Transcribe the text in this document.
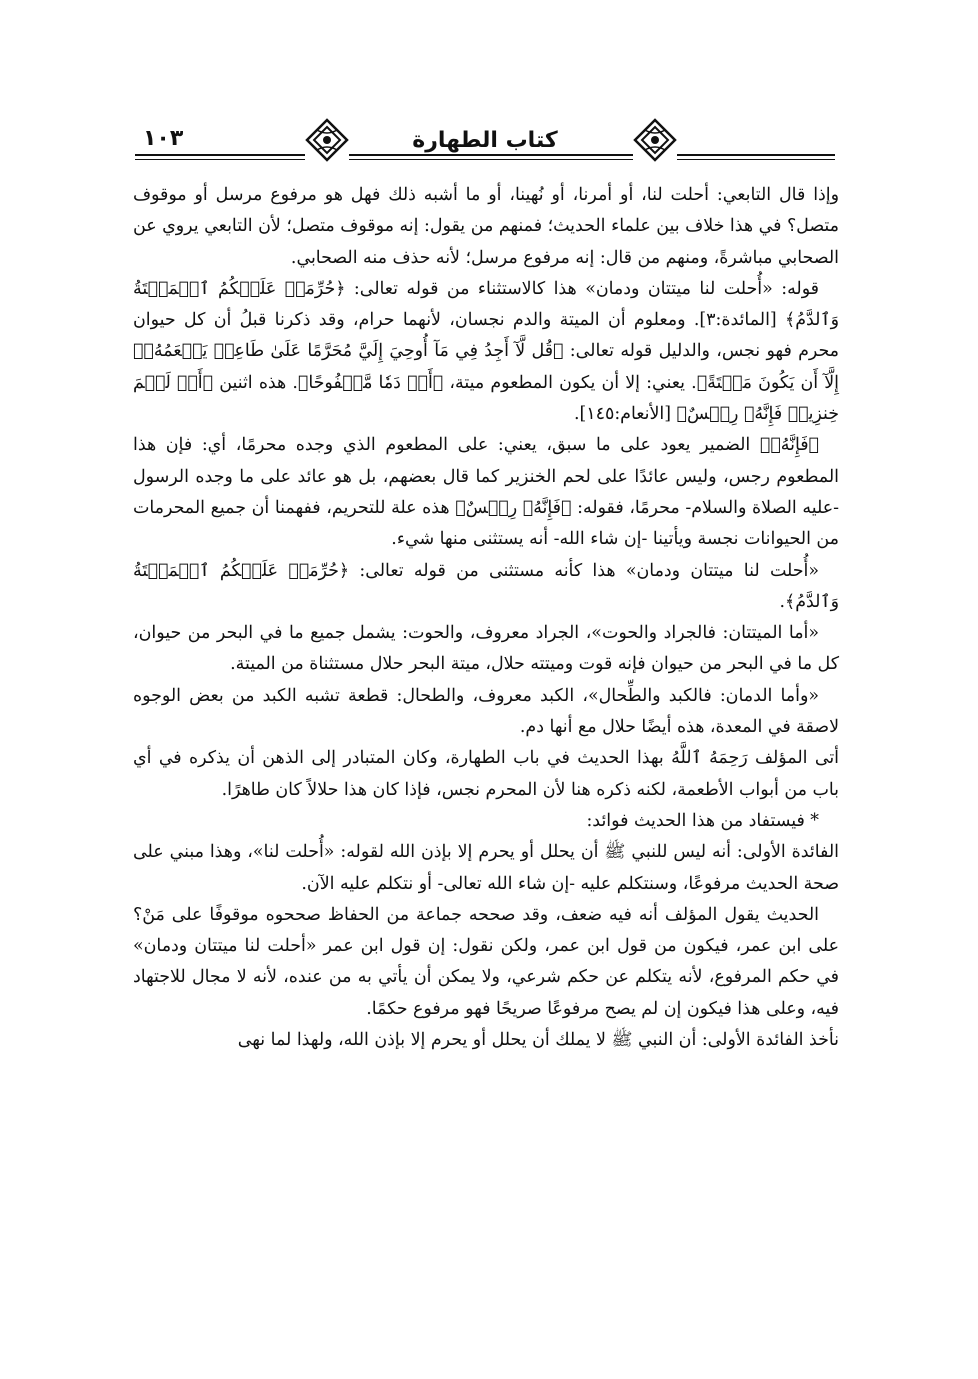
١٠٣	كتاب الطهارة

وإذا قال التابعي: أحلت لنا، أو أمرنا، أو نُهينا، أو ما أشبه ذلك فهل هو مرفوع مرسل أو موقوف متصل؟ في هذا خلاف بين علماء الحديث؛ فمنهم من يقول: إنه موقوف متصل؛ لأن التابعي يروي عن الصحابي مباشرةً، ومنهم من قال: إنه مرفوع مرسل؛ لأنه حذف منه الصحابي.

قوله: «أُحلت لنا ميتتان ودمان» هذا كالاستثناء من قوله تعالى: ﴿حُرِّمَتۡ عَلَيۡكُمُ ٱلۡمَيۡتَةُ وَٱلدَّمُ﴾ [المائدة:٣]. ومعلوم أن الميتة والدم نجسان، لأنهما حرام، وقد ذكرنا قبلُ أن كل حيوان محرم فهو نجس، والدليل قوله تعالى: ﴿قُل لَّآ أَجِدُ فِي مَآ أُوحِيَ إِلَيَّ مُحَرَّمًا عَلَىٰ طَاعِمٖ يَطۡعَمُهُۥٓ إِلَّآ أَن يَكُونَ مَيۡتَةً﴾. يعني: إلا أن يكون المطعوم ميتة، ﴿أَوۡ دَمٗا مَّسۡفُوحًا﴾. هذه اثنين ﴿أَوۡ لَحۡمَ خِنزِيرٖ فَإِنَّهُۥ رِجۡسٌ﴾ [الأنعام:١٤٥].

﴿فَإِنَّهُۥ﴾ الضمير يعود على ما سبق، يعني: على المطعوم الذي وجده محرمًا، أي: فإن هذا المطعوم رجس، وليس عائدًا على لحم الخنزير كما قال بعضهم، بل هو عائد على ما وجده الرسول -عليه الصلاة والسلام- محرمًا، فقوله: ﴿فَإِنَّهُۥ رِجۡسٌ﴾ هذه علة للتحريم، ففهمنا أن جميع المحرمات من الحيوانات نجسة ويأتينا -إن شاء الله- أنه يستثنى منها شيء.

«أُحلت لنا ميتتان ودمان» هذا كأنه مستثنى من قوله تعالى: ﴿حُرِّمَتۡ عَلَيۡكُمُ ٱلۡمَيۡتَةُ وَٱلدَّمُ﴾.

«أما الميتتان: فالجراد والحوت»، الجراد معروف، والحوت: يشمل جميع ما في البحر من حيوان، كل ما في البحر من حيوان فإنه قوت وميتته حلال، ميتة البحر حلال مستثناة من الميتة.

«وأما الدمان: فالكبد والطِّحال»، الكبد معروف، والطحال: قطعة تشبه الكبد من بعض الوجوه لاصقة في المعدة، هذه أيضًا حلال مع أنها دم.

أتى المؤلف رَحِمَهُ ٱللَّهُ بهذا الحديث في باب الطهارة، وكان المتبادر إلى الذهن أن يذكره في أي باب من أبواب الأطعمة، لكنه ذكره هنا لأن المحرم نجس، فإذا كان هذا حلالاً كان طاهرًا.

* فيستفاد من هذا الحديث فوائد:

الفائدة الأولى: أنه ليس للنبي ﷺ أن يحلل أو يحرم إلا بإذن الله لقوله: «أُحلت لنا»، وهذا مبني على صحة الحديث مرفوعًا، وسنتكلم عليه -إن شاء الله تعالى- أو نتكلم عليه الآن.

الحديث يقول المؤلف أنه فيه ضعف، وقد صححه جماعة من الحفاظ صححوه موقوفًا على مَنْ؟ على ابن عمر، فيكون من قول ابن عمر، ولكن نقول: إن قول ابن عمر «أحلت لنا ميتتان ودمان» في حكم المرفوع، لأنه يتكلم عن حكم شرعي، ولا يمكن أن يأتي به من عنده، لأنه لا مجال للاجتهاد فيه، وعلى هذا فيكون إن لم يصح مرفوعًا صريحًا فهو مرفوع حكمًا.

نأخذ الفائدة الأولى: أن النبي ﷺ لا يملك أن يحلل أو يحرم إلا بإذن الله، ولهذا لما نهى
